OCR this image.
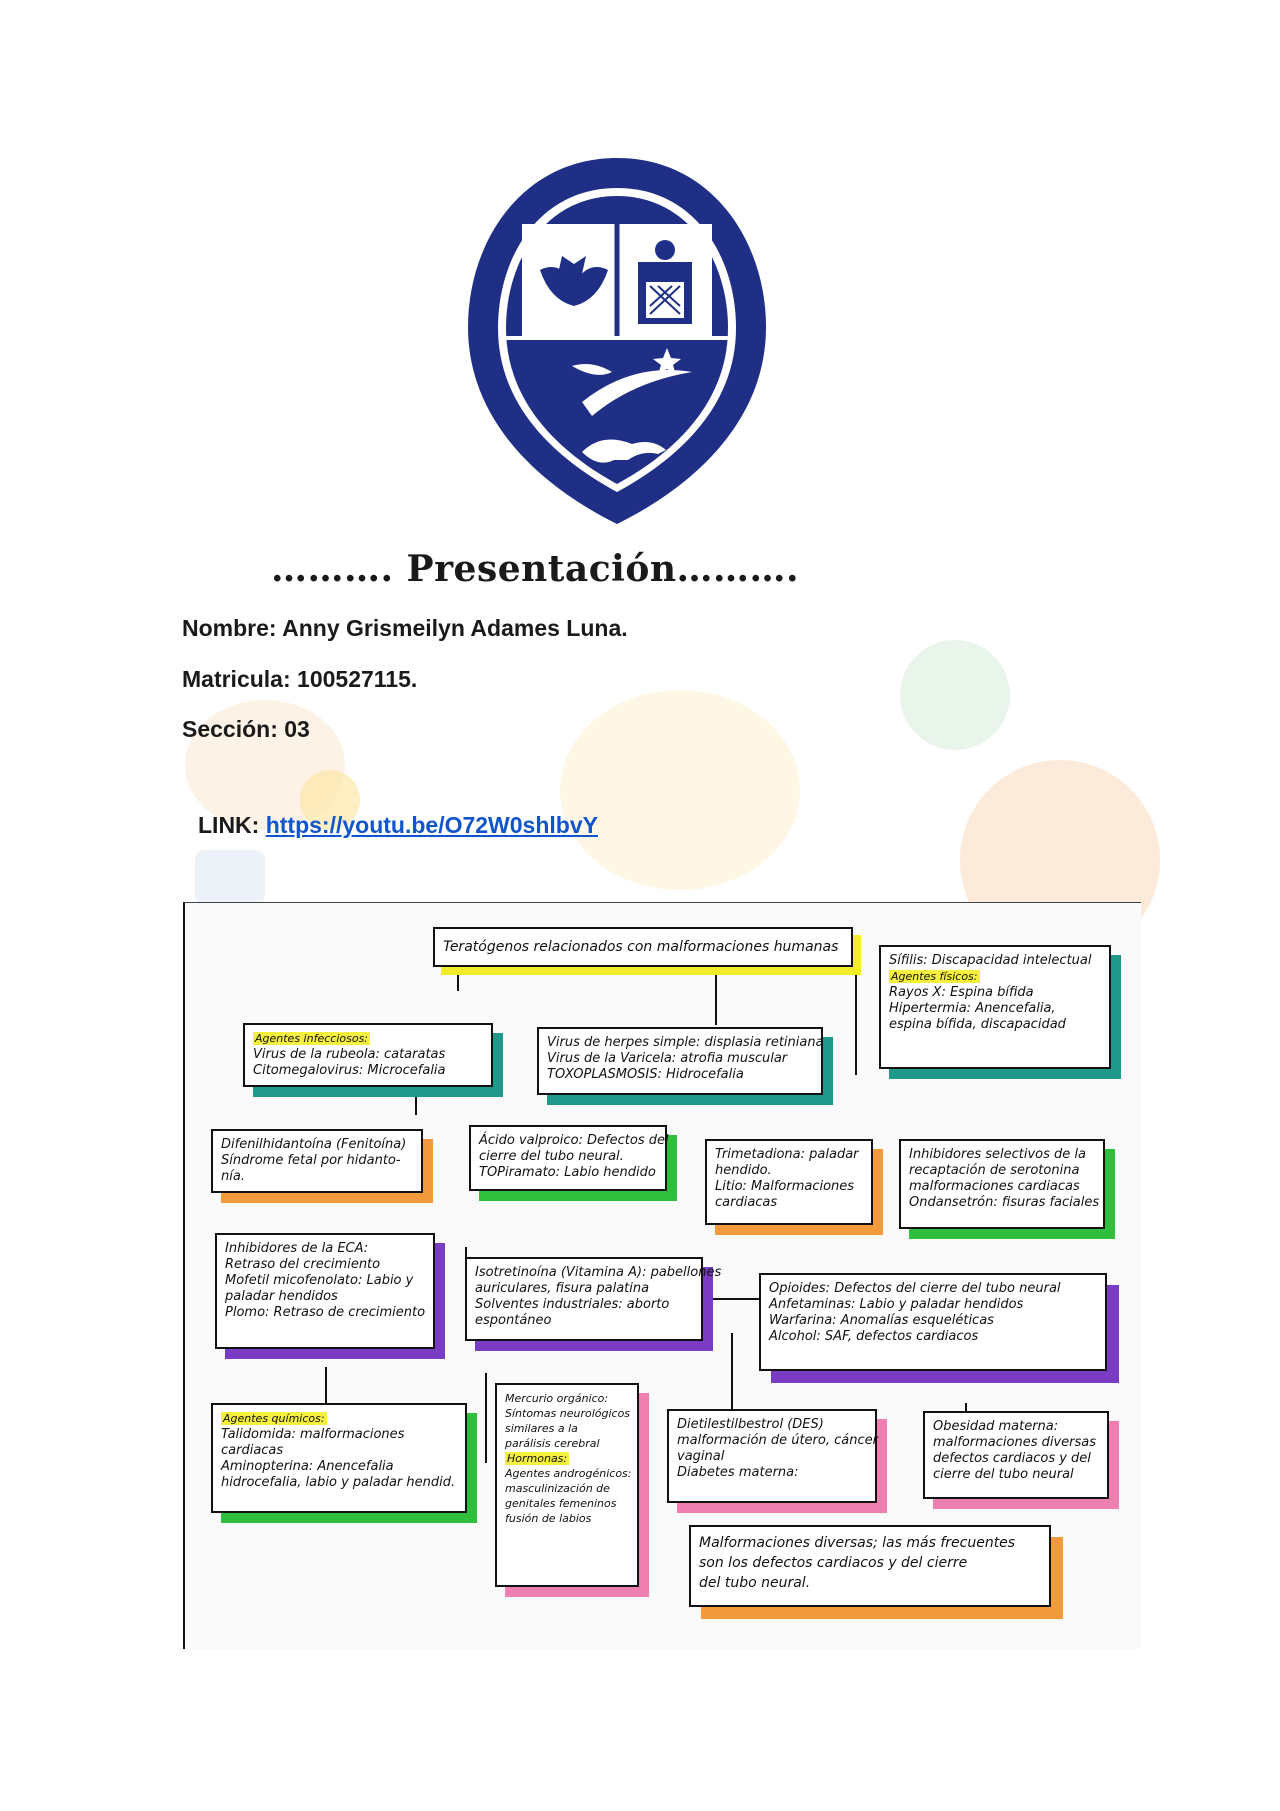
………. Presentación……….
Nombre: Anny Grismeilyn Adames Luna.
Matricula: 100527115.
Sección: 03
LINK: https://youtu.be/O72W0shlbvY
Teratógenos relacionados con malformaciones humanas
Sífilis: Discapacidad intelectual
Agentes físicos:
Rayos X: Espina bífida
Hipertermia: Anencefalia,
espina bífida, discapacidad
Agentes infecciosos:
Virus de la rubeola: cataratas
Citomegalovirus: Microcefalia
Virus de herpes simple: displasia retiniana
Virus de la Varicela: atrofia muscular
TOXOPLASMOSIS: Hidrocefalia
Difenilhidantoína (Fenitoína)
Síndrome fetal por hidanto-
nía.
Ácido valproico: Defectos del
cierre del tubo neural.
TOPiramato: Labio hendido
Trimetadiona: paladar
hendido.
Litio: Malformaciones
cardiacas
Inhibidores selectivos de la
recaptación de serotonina
malformaciones cardiacas
Ondansetrón: fisuras faciales
Inhibidores de la ECA:
Retraso del crecimiento
Mofetil micofenolato: Labio y
paladar hendidos
Plomo: Retraso de crecimiento
Isotretinoína (Vitamina A): pabellones
auriculares, fisura palatina
Solventes industriales: aborto
espontáneo
Opioides: Defectos del cierre del tubo neural
Anfetaminas: Labio y paladar hendidos
Warfarina: Anomalías esqueléticas
Alcohol: SAF, defectos cardiacos
Agentes químicos:
Talidomida: malformaciones
cardiacas
Aminopterina: Anencefalia
hidrocefalia, labio y paladar hendid.
Mercurio orgánico:
Síntomas neurológicos
similares a la
parálisis cerebral
Hormonas:
Agentes androgénicos:
masculinización de
genitales femeninos
fusión de labios
Dietilestilbestrol (DES)
malformación de útero, cáncer
vaginal
Diabetes materna:
Obesidad materna:
malformaciones diversas
defectos cardiacos y del
cierre del tubo neural
Malformaciones diversas; las más frecuentes
son los defectos cardiacos y del cierre
del tubo neural.
